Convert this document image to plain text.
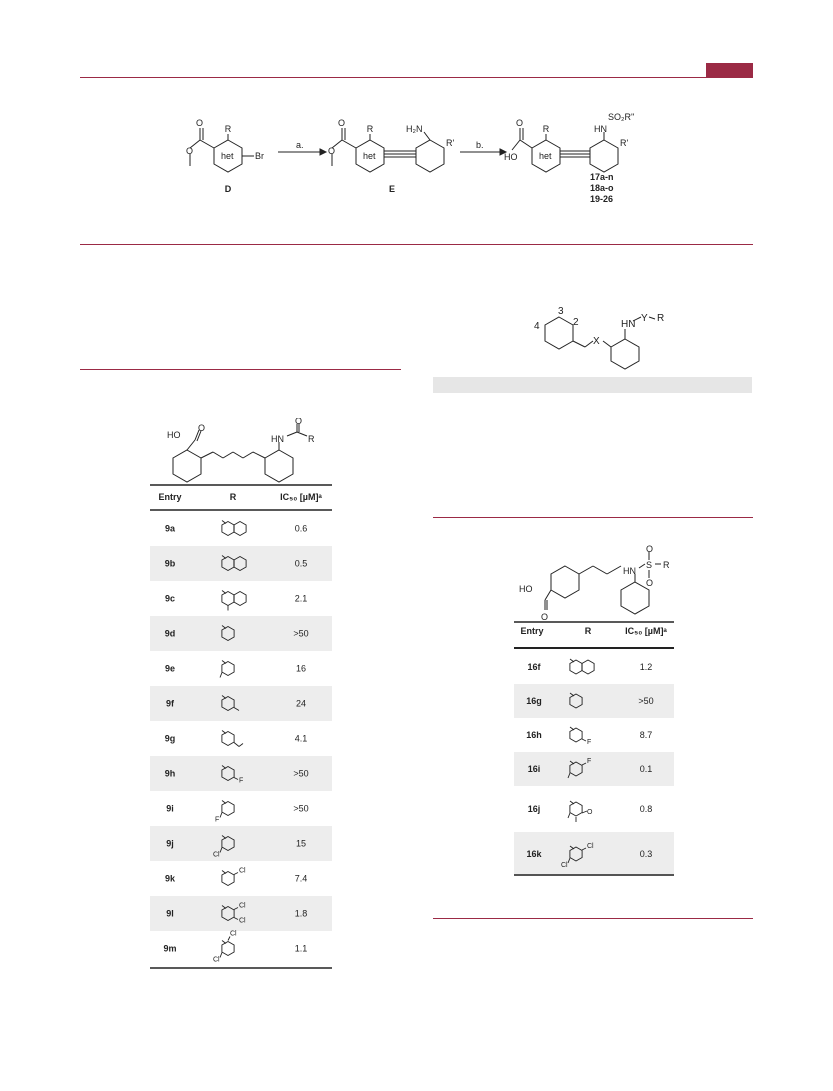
R
het Br
O
O
D
a.
R
het
O
O
H₂N
R'
E
b.
R
het
O
HO
SO₂R''
HN
R'
17a-n
18a-o
19-26
3
2
4
X
HN
Y R
HO
O
O
HN	R
Entry	R	IC₅₀ [µM]ᵃ
9a	0.6
9b	0.5
9c	2.1
9d	>50
9e	16
9f	24
9g	4.1
9h	>50
9i	>50
9j	15
9k	7.4
9l	1.8
9m	1.1
F
F
Cl
Cl
Cl
Cl
Cl
Cl
HO
O
HN
S
O
O
R
Entry	R	IC₅₀ [µM]ᵃ
16f	1.2
16g	>50
16h	8.7
16i	0.1
16j	0.8
16k	0.3
F
F
O
Cl
Cl
